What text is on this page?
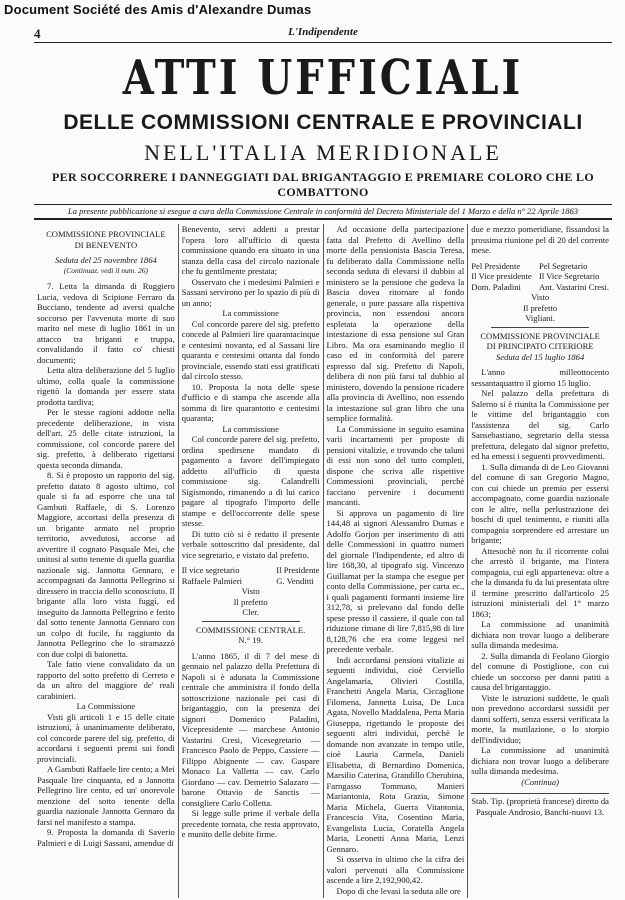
Document Société des Amis d'Alexandre Dumas
4	L'Indipendente
ATTI UFFICIALI
DELLE COMMISSIONI CENTRALE E PROVINCIALI
NELL'ITALIA MERIDIONALE
PER SOCCORRERE I DANNEGGIATI DAL BRIGANTAGGIO E PREMIARE COLORO CHE LO COMBATTONO
La presente pubblicazione si esegue a cura della Commissione Centrale in conformità del Decreto Ministeriale del 1 Marzo e della n° 22 Aprile 1863

COMMISSIONE PROVINCIALE

DI BENEVENTO

Seduta del 25 novembre 1864

(Continuaz. vedi il num. 26)

7. Letta la dimanda di Ruggiero Lucia, vedova di Scipione Ferraro da Bucciano, tendente ad aversi qualche soccorso per l'avvenuta morte di suo marito nel mese di luglio 1861 in un attacco tra briganti e truppa, convalidando il fatto co' chiesti documenti;

Letta altra deliberazione del 5 luglio ultimo, colla quale la commissione rigettò la domanda per essere stata prodotta tardiva;

Per le stesse ragioni addotte nella precedente deliberazione, in vista dell'art. 25 delle citate istruzioni, la commissione, col concorde parere del sig. prefetto, à deliberato rigettarsi questa seconda dimanda.

8. Si è proposto un rapporto del sig. prefetto datato 8 agosto ultimo, col quale si fa ad esporre che una tal Gambuti Raffaele, di S. Lorenzo Maggiore, accortasi della presenza di un brigante armato nel proprio territorio, avvedutosi, accorse ad avvertire il cognato Pasquale Mei, che unitosi al sotto tenente di quella guardia nazionale sig. Jannotta Gennaro, e accompagnati da Jannotta Pellegrino si diressero in traccia dello sconosciuto. Il brigante alla loro vista fuggì, ed inseguito da Jannotta Pellegrino e ferito dal sotto tenente Jannotta Gennaro con un colpo di fucile, fu raggiunto da Jannotta Pellegrino che lo stramazzò con due colpi di baionetta.

Tale fatto viene convalidato da un rapporto del sotto prefetto di Cerreto e da un altro del maggiore de' reali carabinieri.

La Commissione

Visti gli articoli 1 e 15 delle citate istruzioni, à unanimamente deliberato, col concorde parere del sig. prefetto, di accordarsi i seguenti premi sui fondi provinciali.

A Gambuti Raffaele lire cento; a Mei Pasquale lire cinquanta, ed a Jannotta Pellegrino lire cento, ed un' onorevole menzione del sotto tenente della guardia nazionale Jannotta Gennaro da farsi nel manifesto a stampa.

9. Proposta la domanda di Saverio Palmieri e di Luigi Sassani, amendue di

Benevento, servi addetti a prestar l'opera loro all'ufficio di questa commissione quando era situato in una stanza della casa del circolo nazionale che fu gentilmente prestata;

Osservato che i medesimi Palmieri e Sassani servirono per lo spazio di più di un anno;

La commissione

Col concorde parere del sig. prefetto concede al Palmieri lire quarantacinque e centesimi novanta, ed al Sassani lire quaranta e centesimi ottanta dal fondo provinciale, essendo stati essi gratificati dal circolo stesso.

10. Proposta la nota delle spese d'ufficio e di stampa che ascende alla somma di lire quarantotto e centesimi quaranta;

La commissione

Col concorde parere del sig. prefetto, ordina spedirsene mandato di pagamento a favore dell'impiegato addetto all'ufficio di questa commissione sig. Calandrelli Sigismondo, rimanendo a di lui carico pagare al tipografo l'importo delle stampe e dell'occorrente delle spese stesse.

Di tutto ciò si è redatto il presente verbale sottoscritto dal presidente, dal vice segretario, e vistato dal prefetto.

Il vice segretario
Raffaele Palmieri
Il Presidente
G. Venditti

Visto

Il prefetto

Cler.

COMMISSIONE CENTRALE.

N.° 19.

L'anno 1865, il dì 7 del mese di gennaio nel palazzo della Prefettura di Napoli si è adunata la Commissione centrale che amministra il fondo della sottoscrizione nazionale pei casi di brigantaggio, con la presenza dei signori Domenico Paladini, Vicepresidente — marchese Antonio Vastarini Cresi, Vicesegretario — Francesco Paolo de Peppo, Cassiere — Filippo Abignente — cav. Gaspare Monaco La Valletta — cav. Carlo Giordano — cav. Demetrio Salazaro — barone Ottavio de Sanctis — consigliere Carlo Colletta.

Si legge sulle prime il verbale della precedente tornata, che resta approvato, e munito delle debite firme.

Ad occasione della partecipazione fatta dal Prefetto di Avellino della morte della pensionista Bascia Teresa, fu deliberato dalla Commissione nella seconda seduta di elevarsi il dubbio al ministero se la pensione che godeva la Bascia dovea ritornare al fondo generale, o pure passare alla rispettiva provincia, non essendosi ancora espletata la operazione della intestazione di essa pensione sul Gran Libro. Ma ora esaminando meglio il caso ed in conformità del parere espresso dal sig. Prefetto di Napoli, delibera di non più farsi tal dubbio al ministero, dovendo la pensione ricadere alla provincia di Avellino, non essendo la intestazione sul gran libro che una semplice formalità.

La Commissione in seguito esamina varii incartamenti per proposte di pensioni vitalizie, e trovando che taluni di essi non sono del tutto completi, dispone che scriva alle rispettive Commessioni provinciali, perchè facciano pervenire i documenti mancanti.

Si approva un pagamento di lire 144,48 ai signori Alessandro Dumas e Adolfo Gorjon per inserimento di atti delle Commessioni in quattro numeri del giornale l'Indipendente, ed altro di lire 168,30, al tipografo sig. Vincenzo Guillamat per la stampa che esegue per conto della Commissione, per carta ec., i quali pagamenti formanti insieme lire 312,78, si prelevano dal fondo delle spese presso il cassiere, il quale con tal riduzione rimane di lire 7,815,98 di lire 8,128,76 che era come leggesi nel precedente verbale.

Indi accordansi pensioni vitalizie ai seguenti individui, cioè Cerviello Angelamaria, Olivieri Costilla, Franchetti Angela Maria, Ciccaglione Filomena, Jannetta Luisa, De Luca Agata, Novello Maddalena, Perta Maria Giuseppa, rigettando le proposte dei seguenti altri individui, perchè le domande non avanzate in tempo utile, cioè Lauria Carmela, Danieli Elisabetta, di Bernardino Domenica, Marsilio Caterina, Grandillo Cherubina, Farngasso Tommaso, Manieri Mariantonia, Rota Grazia, Simone Maria Michela, Guerra Vitantonia, Francescia Vita, Cosentino Maria, Evangelista Lucia, Coratella Angela Maria, Leonetti Anna Maria, Lenzi Gennaro.

Si osserva in ultimo che la cifra dei valori pervenuti alla Commissione ascende a lire 2,192,900,42.

Dopo di che levasi la seduta alle ore

due e mezzo pomeridiane, fissandosi la prossima riunione pel dì 20 del corrente mese.

Pel Presidente
Il Vice presidente
Dom. Paladini
Pel Segretario
Il Vice Segretario
Ant. Vastarini Cresi.

Visto

Il prefetto

Vigliani.

COMMISSIONE PROVINCIALE

DI PRINCIPATO CITERIORE

Seduta del 15 luglio 1864

L'anno milleottocento sessantaquattro il giorno 15 luglio.

Nel palazzo della prefettura di Salerno si è riunita la Commissione per le vittime del brigantaggio con l'assistenza del sig. Carlo Sansebastiano, segretario della stessa prefettura, delegato dal signor prefetto, ed ha emessi i seguenti provvedimenti.

1. Sulla dimanda di de Leo Giovanni del comune di san Gregorio Magno, con cui chiede un premio per essersi accompagnato, come guardia nazionale con le altre, nella perlustrazione dei boschi di quel tenimento, e riuniti alla compagnia sorprendere ed arrestare un brigante;

Attesochè non fu il ricorrente colui che arrestò il brigante, ma l'intera compagnia, cui egli apparteneva: oltre a che la dimanda fu da lui presentata oltre il termine prescritto dall'articolo 25 istruzioni ministeriali del 1° marzo 1863;

La commissione ad unanimità dichiara non trovar luogo a deliberare sulla dimanda medesima.

2. Sulla dimanda di Feolano Giorgio del comune di Postiglione, con cui chiede un soccorso per danni patiti a causa del brigantaggio.

Viste le istruzioni suddette, le quali non prevedono accordarsi sussidii per danni sofferti, senza essersi verificata la morte, la mutilazione, o lo storpio dell'individuo;

La commissione ad unanimità dichiara non trovar luogo a deliberare sulla dimanda medesima.

(Continua)

Stab. Tip. (proprietà francese) diretto da Pasquale Androsio, Banchi-nuovi 13.
